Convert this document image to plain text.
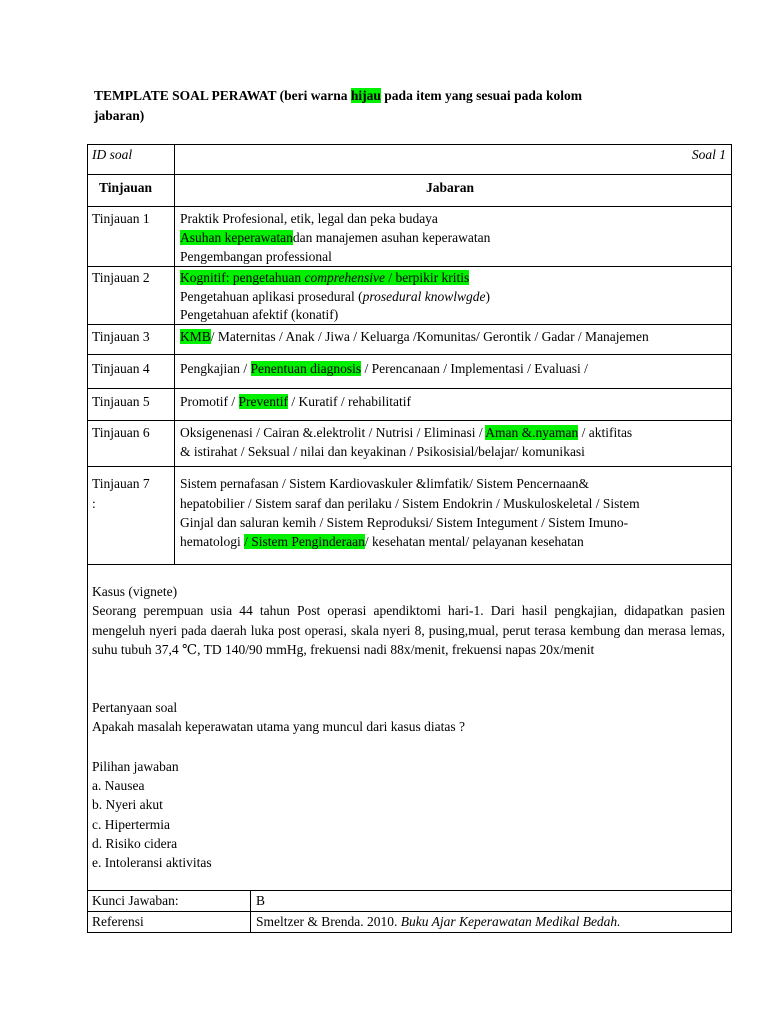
TEMPLATE SOAL PERAWAT (beri warna hijau pada item yang sesuai pada kolom
jabaran)
ID soal	Soal 1
Tinjauan	Jabaran
Tinjauan 1 Praktik Profesional, etik, legal dan peka budaya
Asuhan keperawatandan manajemen asuhan keperawatan
Pengembangan professional
Tinjauan 2 Kognitif: pengetahuan comprehensive / berpikir kritis
Pengetahuan aplikasi prosedural (prosedural knowlwgde)
Pengetahuan afektif (konatif)
Tinjauan 3 KMB/ Maternitas / Anak / Jiwa / Keluarga /Komunitas/ Gerontik / Gadar / Manajemen
Tinjauan 4 Pengkajian / Penentuan diagnosis / Perencanaan / Implementasi / Evaluasi /
Tinjauan 5 Promotif / Preventif / Kuratif / rehabilitatif
Tinjauan 6 Oksigenenasi / Cairan &.elektrolit / Nutrisi / Eliminasi / Aman &.nyaman / aktifitas
& istirahat / Seksual / nilai dan keyakinan / Psikosisial/belajar/ komunikasi
Tinjauan 7
:
Sistem pernafasan / Sistem Kardiovaskuler &limfatik/ Sistem Pencernaan&
hepatobilier / Sistem saraf dan perilaku / Sistem Endokrin / Muskuloskeletal / Sistem
Ginjal dan saluran kemih / Sistem Reproduksi/ Sistem Integument / Sistem Imuno-
hematologi / Sistem Penginderaan/ kesehatan mental/ pelayanan kesehatan
Kasus (vignete)
Seorang perempuan usia 44 tahun Post operasi apendiktomi hari-1. Dari hasil pengkajian, didapatkan pasien mengeluh nyeri pada daerah luka post operasi, skala nyeri 8, pusing,mual, perut terasa kembung dan merasa lemas, suhu tubuh 37,4 ℃, TD 140/90 mmHg, frekuensi nadi 88x/menit, frekuensi napas 20x/menit
Pertanyaan soal
Apakah masalah keperawatan utama yang muncul dari kasus diatas ?
Pilihan jawaban
a. Nausea
b. Nyeri akut
c. Hipertermia
d. Risiko cidera
e. Intoleransi aktivitas
Kunci Jawaban:	B
Referensi	Smeltzer & Brenda. 2010. Buku Ajar Keperawatan Medikal Bedah.
